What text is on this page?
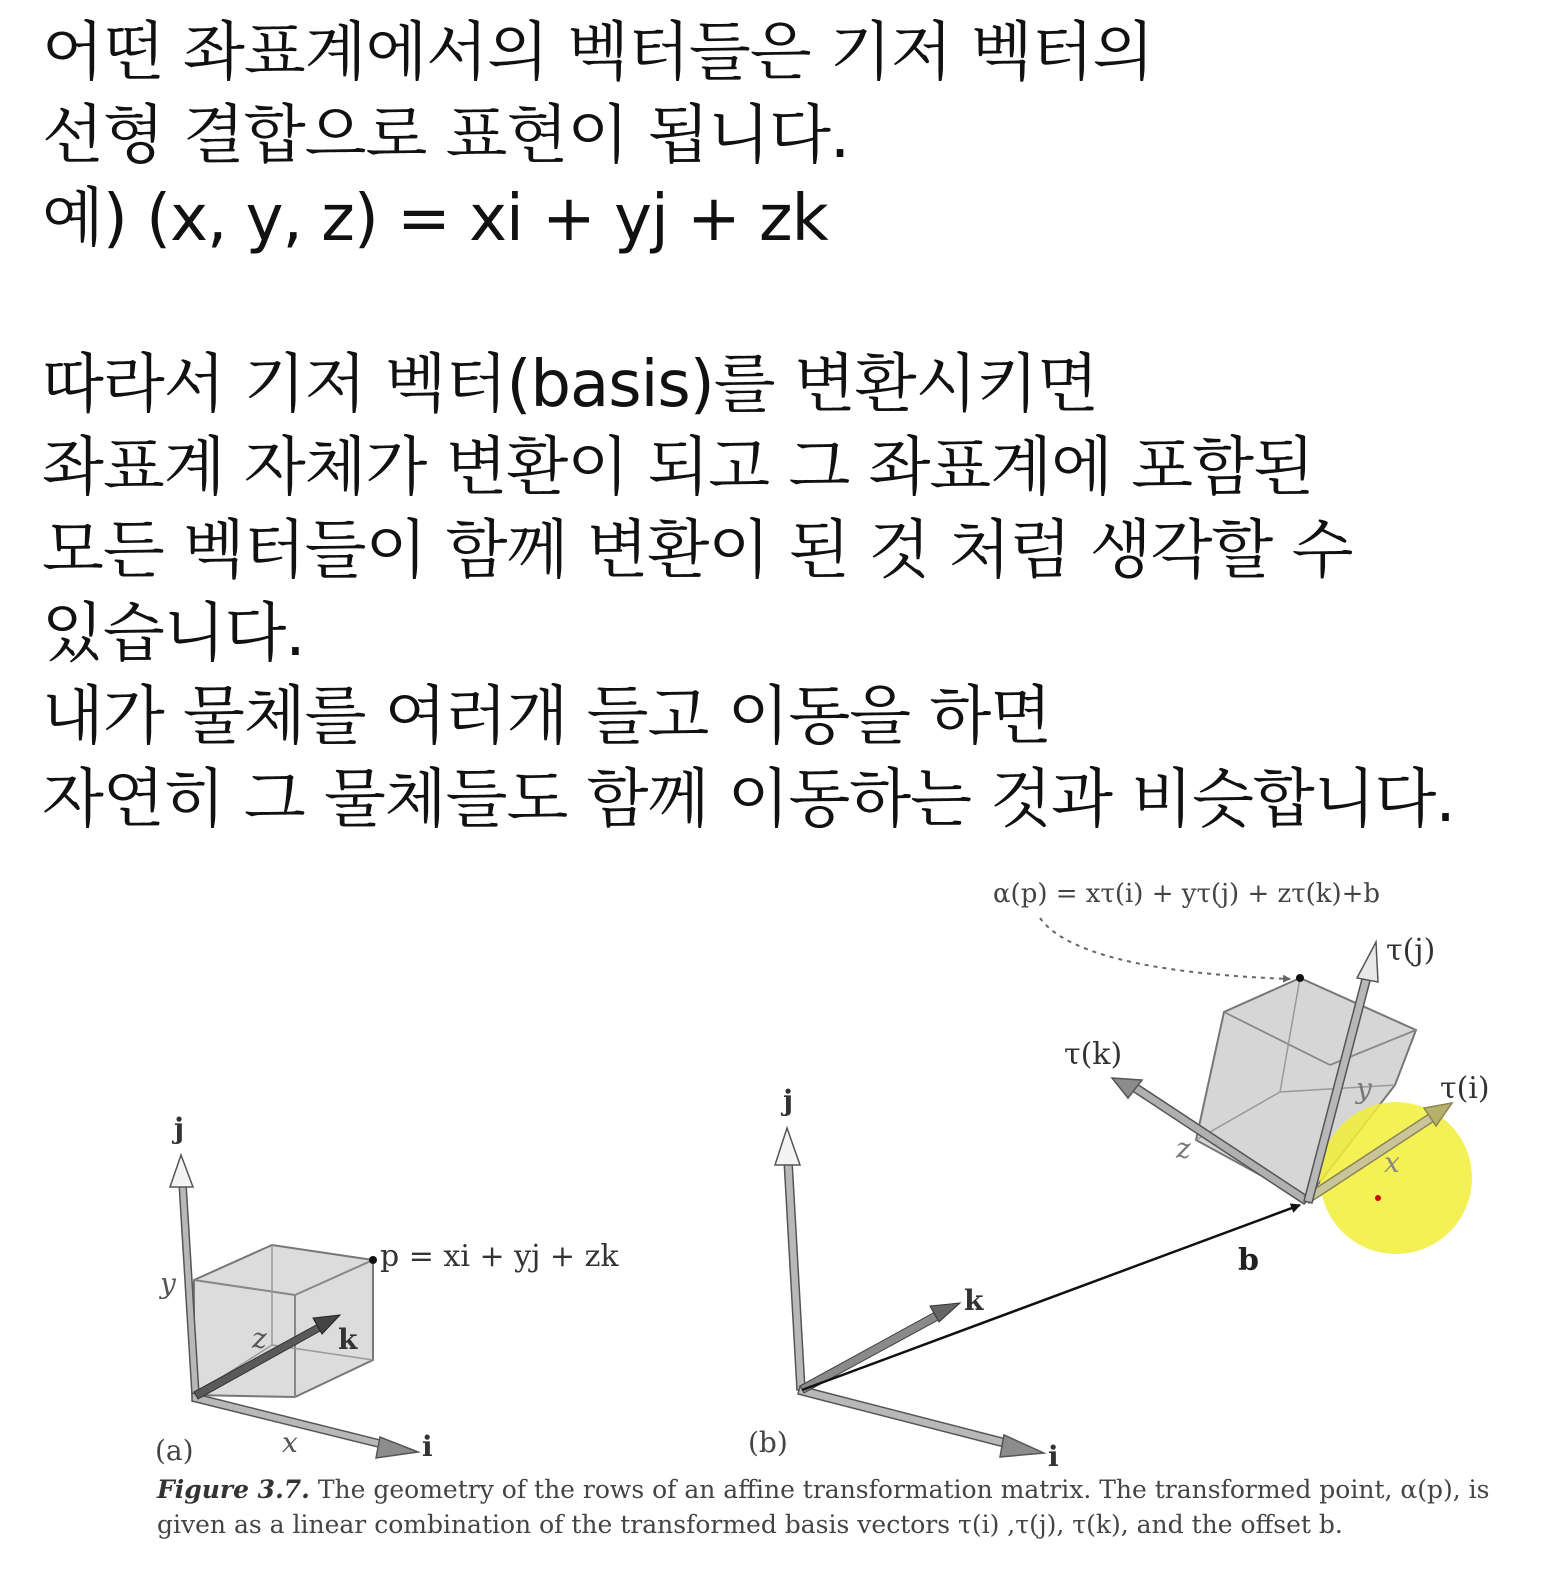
어떤 좌표계에서의 벡터들은 기저 벡터의
선형 결합으로 표현이 됩니다.
예) (x, y, z) = xi + yj + zk
따라서 기저 벡터(basis)를 변환시키면
좌표계 자체가 변환이 되고 그 좌표계에 포함된
모든 벡터들이 함께 변환이 된 것 처럼 생각할 수
있습니다.
내가 물체를 여러개 들고 이동을 하면
자연히 그 물체들도 함께 이동하는 것과 비슷합니다.
j
y
z	k
x	i
p = xi + yj + zk
(a)
j
k
b
i
τ(j)
τ(k)
τ(i)
y
z	x
α(p) = xτ(i) + yτ(j) + zτ(k)+b
(b)
Figure 3.7. The geometry of the rows of an affine transformation matrix. The transformed point, α(p), is given as a linear combination of the transformed basis vectors τ(i) ,τ(j), τ(k), and the offset b.
